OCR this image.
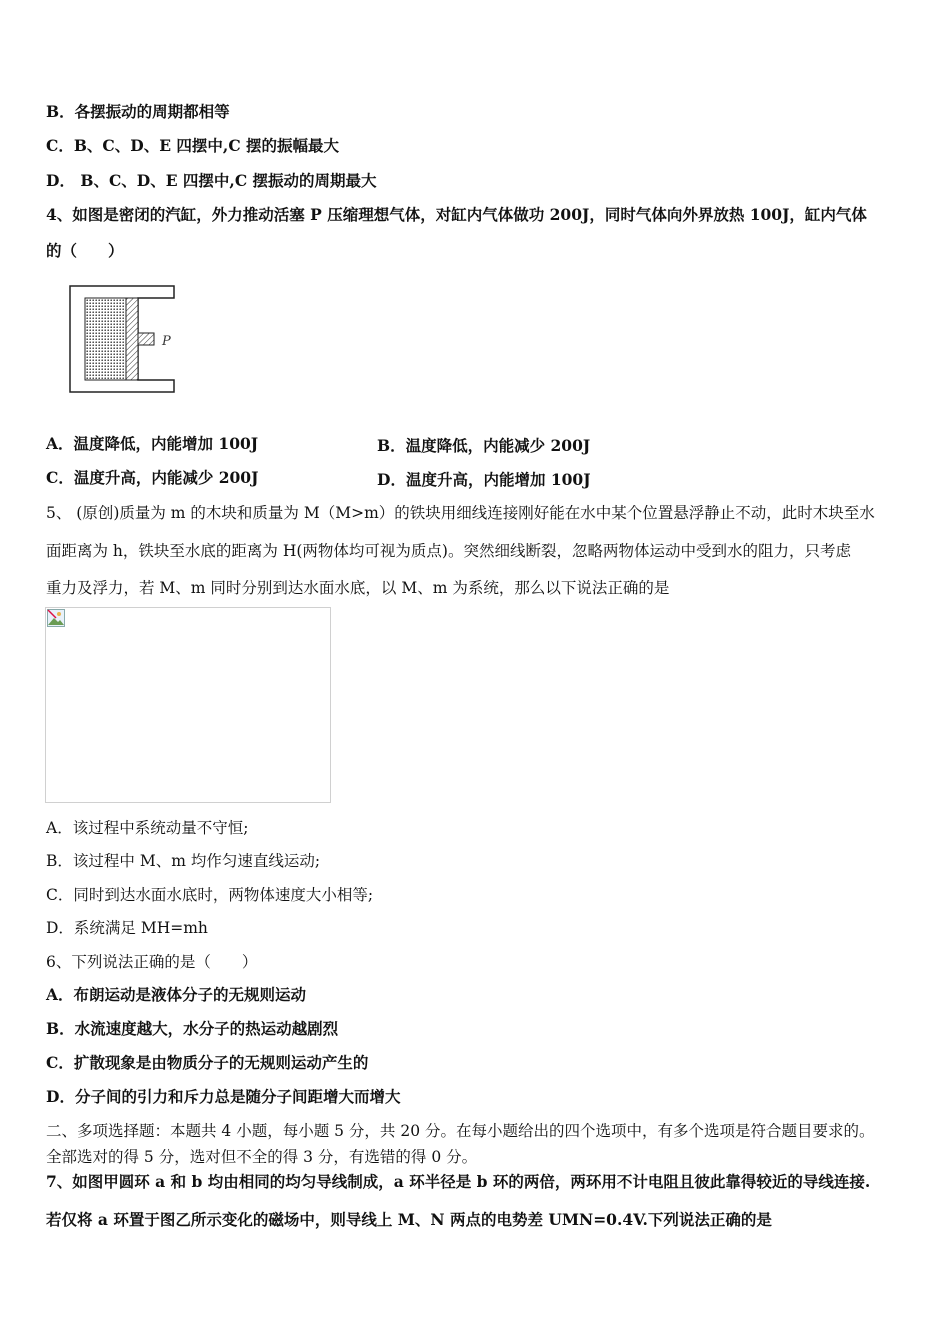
B．各摆振动的周期都相等
C．B、C、D、E 四摆中,C 摆的振幅最大
D． B、C、D、E 四摆中,C 摆振动的周期最大
4、如图是密闭的汽缸，外力推动活塞 P 压缩理想气体，对缸内气体做功 200J，同时气体向外界放热 100J，缸内气体
的（　　）
P
A．温度降低，内能增加 100J	B．温度降低，内能减少 200J
C．温度升高，内能减少 200J	D．温度升高，内能增加 100J
5、 (原创)质量为 m 的木块和质量为 M（M>m）的铁块用细线连接刚好能在水中某个位置悬浮静止不动，此时木块至水
面距离为 h，铁块至水底的距离为 H(两物体均可视为质点)。突然细线断裂，忽略两物体运动中受到水的阻力，只考虑
重力及浮力，若 M、m 同时分别到达水面水底，以 M、m 为系统，那么以下说法正确的是
A．该过程中系统动量不守恒;
B．该过程中 M、m 均作匀速直线运动;
C．同时到达水面水底时，两物体速度大小相等;
D．系统满足 MH=mh
6、下列说法正确的是（　　）
A．布朗运动是液体分子的无规则运动
B．水流速度越大，水分子的热运动越剧烈
C．扩散现象是由物质分子的无规则运动产生的
D．分子间的引力和斥力总是随分子间距增大而增大
二、多项选择题：本题共 4 小题，每小题 5 分，共 20 分。在每小题给出的四个选项中，有多个选项是符合题目要求的。
全部选对的得 5 分，选对但不全的得 3 分，有选错的得 0 分。
7、如图甲圆环 a 和 b 均由相同的均匀导线制成，a 环半径是 b 环的两倍，两环用不计电阻且彼此靠得较近的导线连接.
若仅将 a 环置于图乙所示变化的磁场中，则导线上 M、N 两点的电势差 UMN=0.4V.下列说法正确的是
